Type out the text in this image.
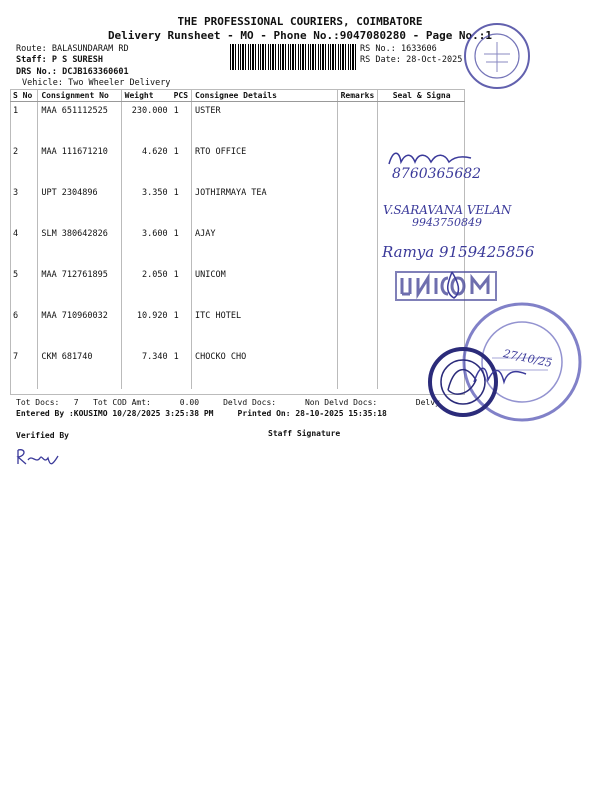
THE PROFESSIONAL COURIERS, COIMBATORE
Delivery Runsheet - MO - Phone No.:9047080280 - Page No.:1
Route: BALASUNDARAM RD
Staff: P S SURESH
DRS No.: DCJB163360601
Vehicle: Two Wheeler Delivery
RS No.: 1633606
RS Date: 28-Oct-2025
S No	Consignment No	Weight	PCS	Consignee Details	Remarks	Seal & Signa
1	MAA 651112525	230.000	1	USTER		
2	MAA 111671210	4.620	1	RTO OFFICE		
3	UPT 2304896	3.350	1	JOTHIRMAYA TEA		
4	SLM 380642826	3.600	1	AJAY		
5	MAA 712761895	2.050	1	UNICOM		
6	MAA 710960032	10.920	1	ITC HOTEL		
7	CKM 681740	7.340	1	CHOCKO CHO		
Tot Docs:   7   Tot COD Amt:      0.00     Delvd Docs:      Non Delvd Docs:        Delvy
Entered By :KOUSIMO 10/28/2025 3:25:38 PM     Printed On: 28-10-2025 15:35:18
Verified By	Staff Signature
8760365682
V.SARAVANA VELAN
9943750849
Ramya 9159425856
27/10/25
